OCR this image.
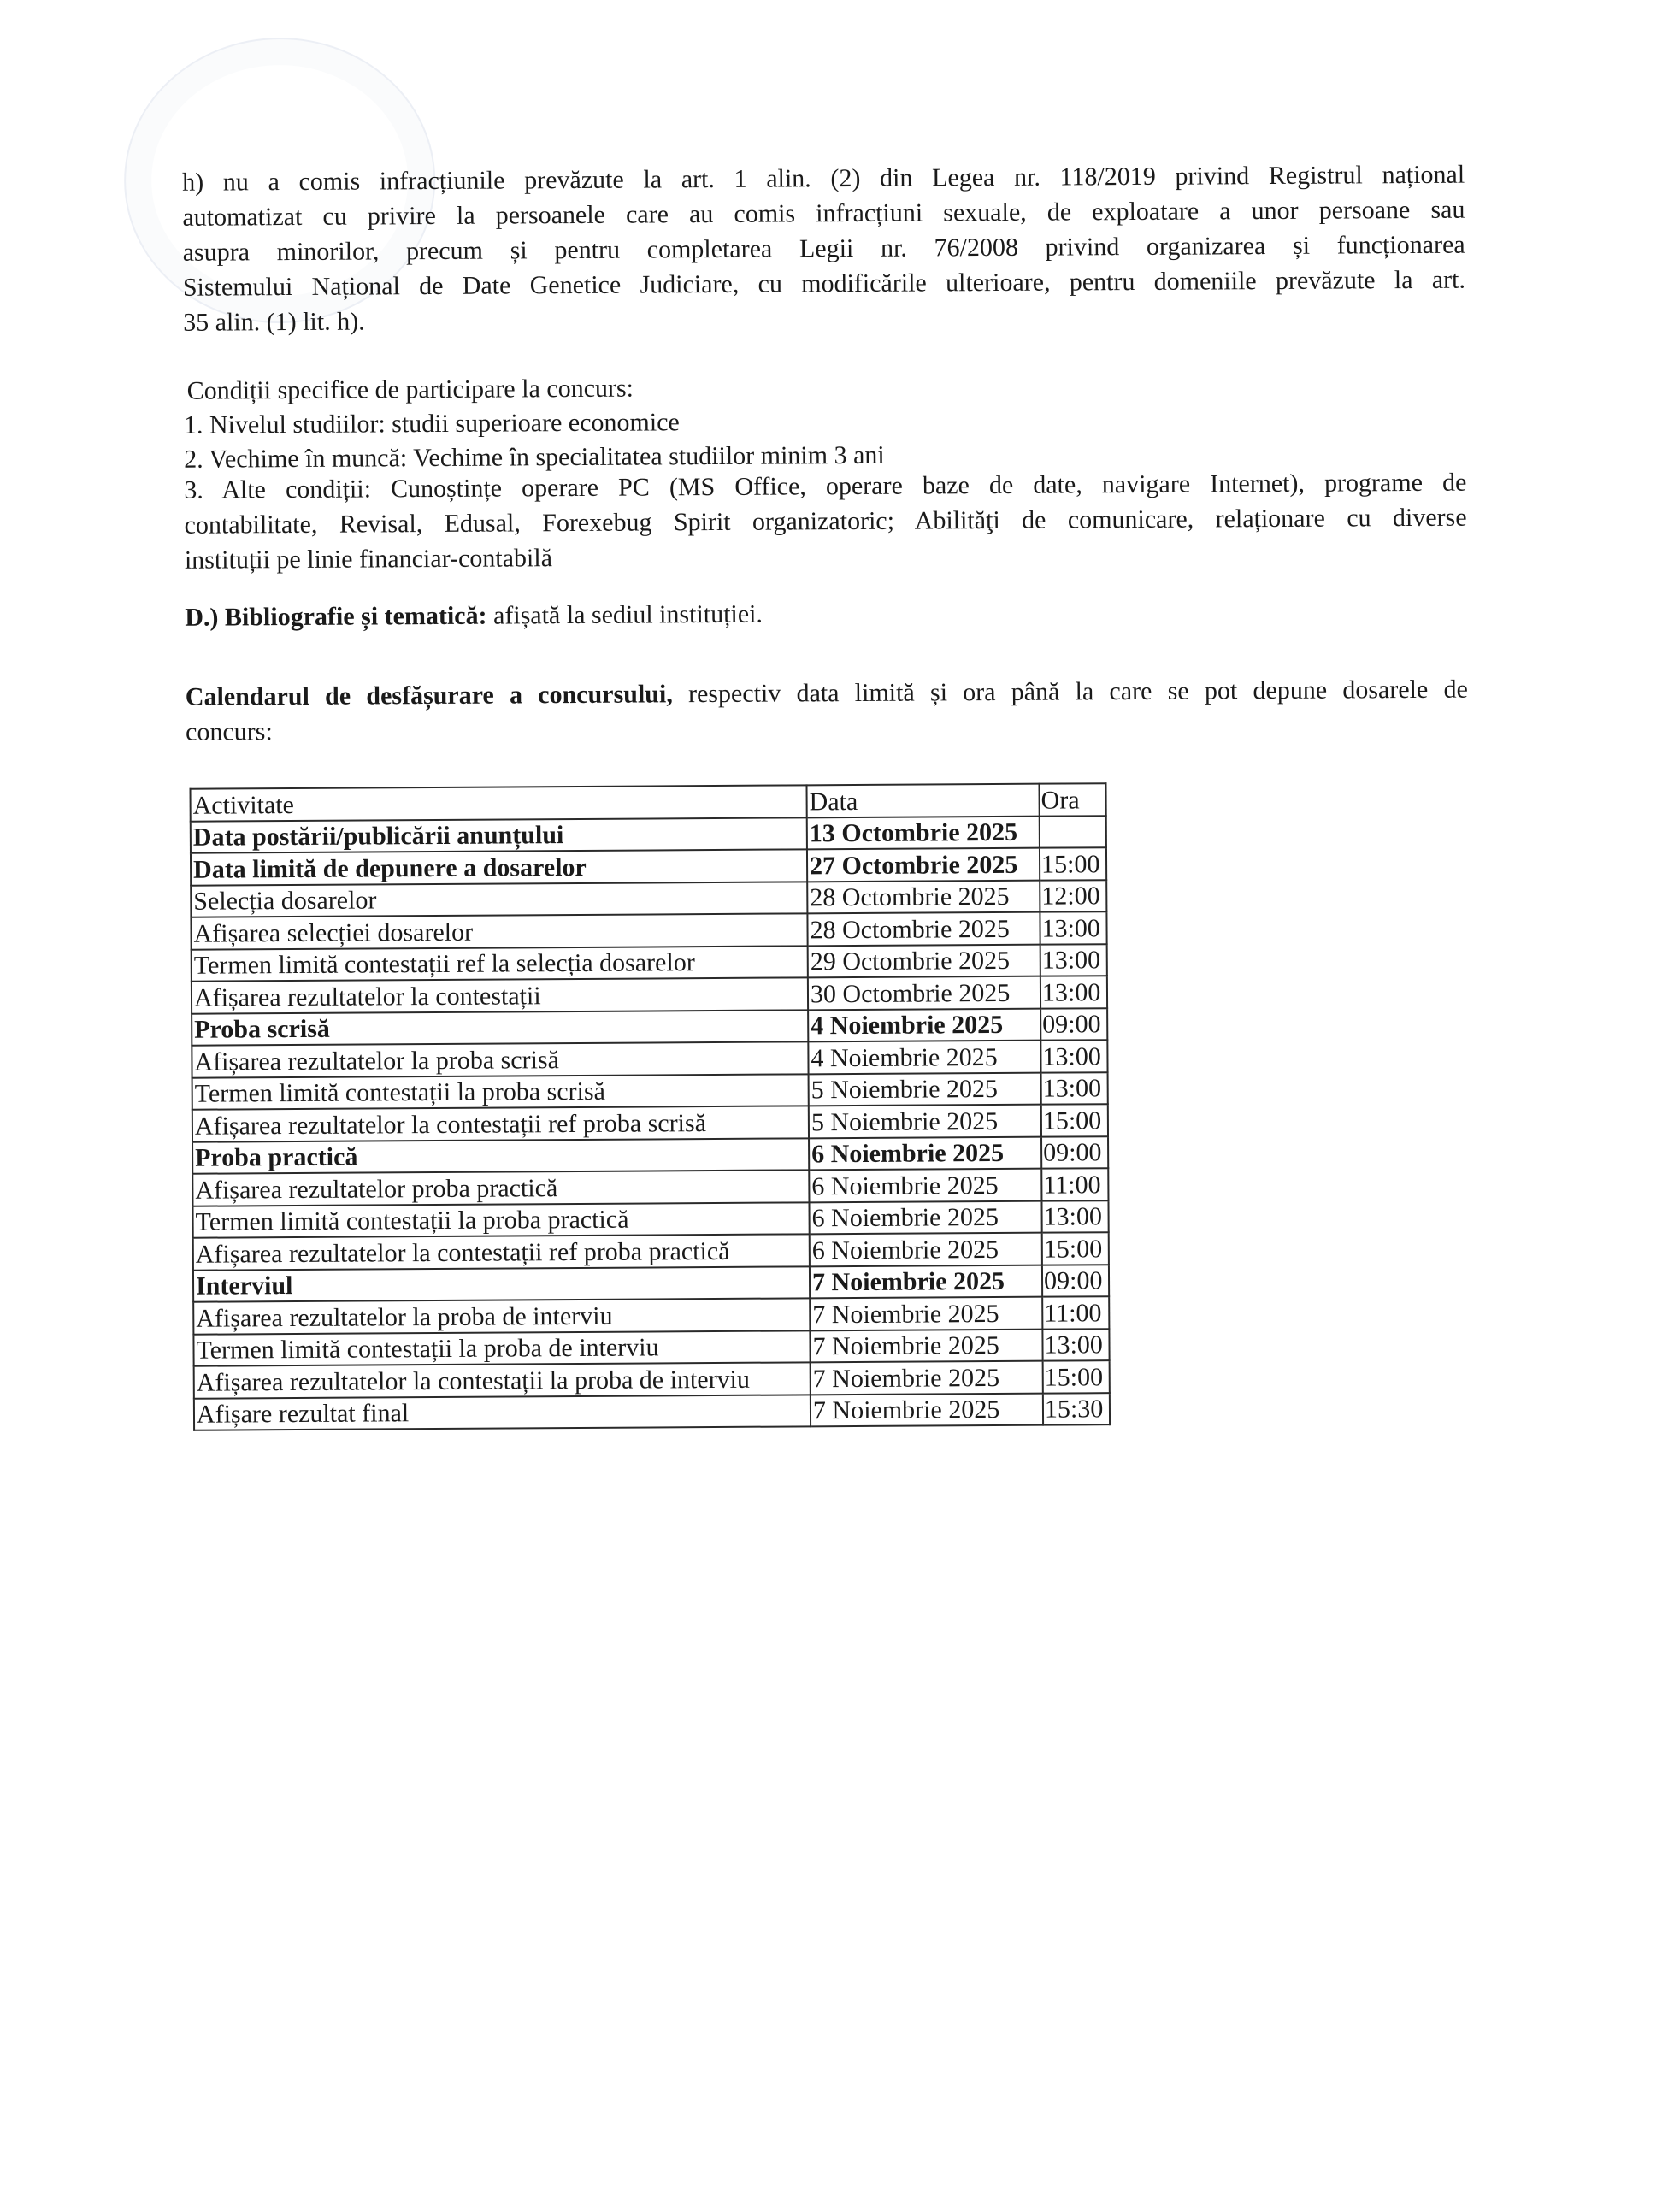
h) nu a comis infracțiunile prevăzute la art. 1 alin. (2) din Legea nr. 118/2019 privind Registrul național
automatizat cu privire la persoanele care au comis infracțiuni sexuale, de exploatare a unor persoane sau
asupra minorilor, precum și pentru completarea Legii nr. 76/2008 privind organizarea și funcționarea
Sistemului Național de Date Genetice Judiciare, cu modificările ulterioare, pentru domeniile prevăzute la art.
35 alin. (1) lit. h).
Condiții specifice de participare la concurs:
1. Nivelul studiilor: studii superioare economice
2. Vechime în muncă: Vechime în specialitatea studiilor minim 3 ani
3. Alte condiții: Cunoștințe operare PC (MS Office, operare baze de date, navigare Internet), programe de
contabilitate, Revisal, Edusal, Forexebug Spirit organizatoric; Abilităţi de comunicare, relaționare cu diverse
instituții pe linie financiar-contabilă
D.) Bibliografie și tematică: afișată la sediul instituției.
Calendarul de desfășurare a concursului, respectiv data limită și ora până la care se pot depune dosarele de
concurs:
Activitate	Data	Ora
Data postării/publicării anunțului	13 Octombrie 2025	
Data limită de depunere a dosarelor	27 Octombrie 2025	15:00
Selecția dosarelor	28 Octombrie 2025	12:00
Afișarea selecției dosarelor	28 Octombrie 2025	13:00
Termen limită contestații ref la selecția dosarelor	29 Octombrie 2025	13:00
Afișarea rezultatelor la contestații	30 Octombrie 2025	13:00
Proba scrisă	4 Noiembrie 2025	09:00
Afișarea rezultatelor la proba scrisă	4 Noiembrie 2025	13:00
Termen limită contestații la proba scrisă	5 Noiembrie 2025	13:00
Afișarea rezultatelor la contestații ref proba scrisă	5 Noiembrie 2025	15:00
Proba practică	6 Noiembrie 2025	09:00
Afișarea rezultatelor proba practică	6 Noiembrie 2025	11:00
Termen limită contestații la proba practică	6 Noiembrie 2025	13:00
Afișarea rezultatelor la contestații ref proba practică	6 Noiembrie 2025	15:00
Interviul	7 Noiembrie 2025	09:00
Afișarea rezultatelor la proba de interviu	7 Noiembrie 2025	11:00
Termen limită contestații la proba de interviu	7 Noiembrie 2025	13:00
Afișarea rezultatelor la contestații la proba de interviu	7 Noiembrie 2025	15:00
Afișare rezultat final	7 Noiembrie 2025	15:30
